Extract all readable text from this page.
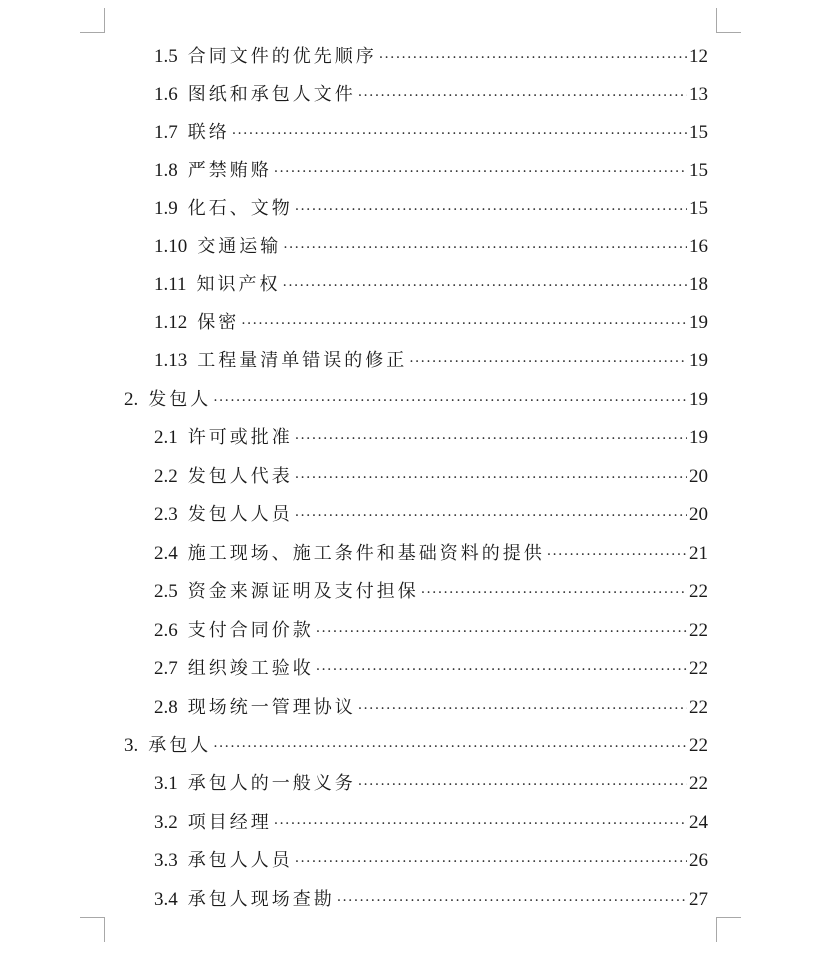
1.5 合同文件的优先顺序 ·····	12
1.6 图纸和承包人文件 ·····	13
1.7 联络 ·····	15
1.8 严禁贿赂 ·····	15
1.9 化石、文物 ·····	15
1.10 交通运输 ·····	16
1.11 知识产权 ·····	18
1.12 保密 ·····	19
1.13 工程量清单错误的修正 ·····	19
2. 发包人 ·····	19
2.1 许可或批准 ·····	19
2.2 发包人代表 ·····	20
2.3 发包人人员 ·····	20
2.4 施工现场、施工条件和基础资料的提供 ·····	21
2.5 资金来源证明及支付担保 ·····	22
2.6 支付合同价款 ·····	22
2.7 组织竣工验收 ·····	22
2.8 现场统一管理协议 ·····	22
3. 承包人 ·····	22
3.1 承包人的一般义务 ·····	22
3.2 项目经理 ·····	24
3.3 承包人人员 ·····	26
3.4 承包人现场查勘 ·····	27
